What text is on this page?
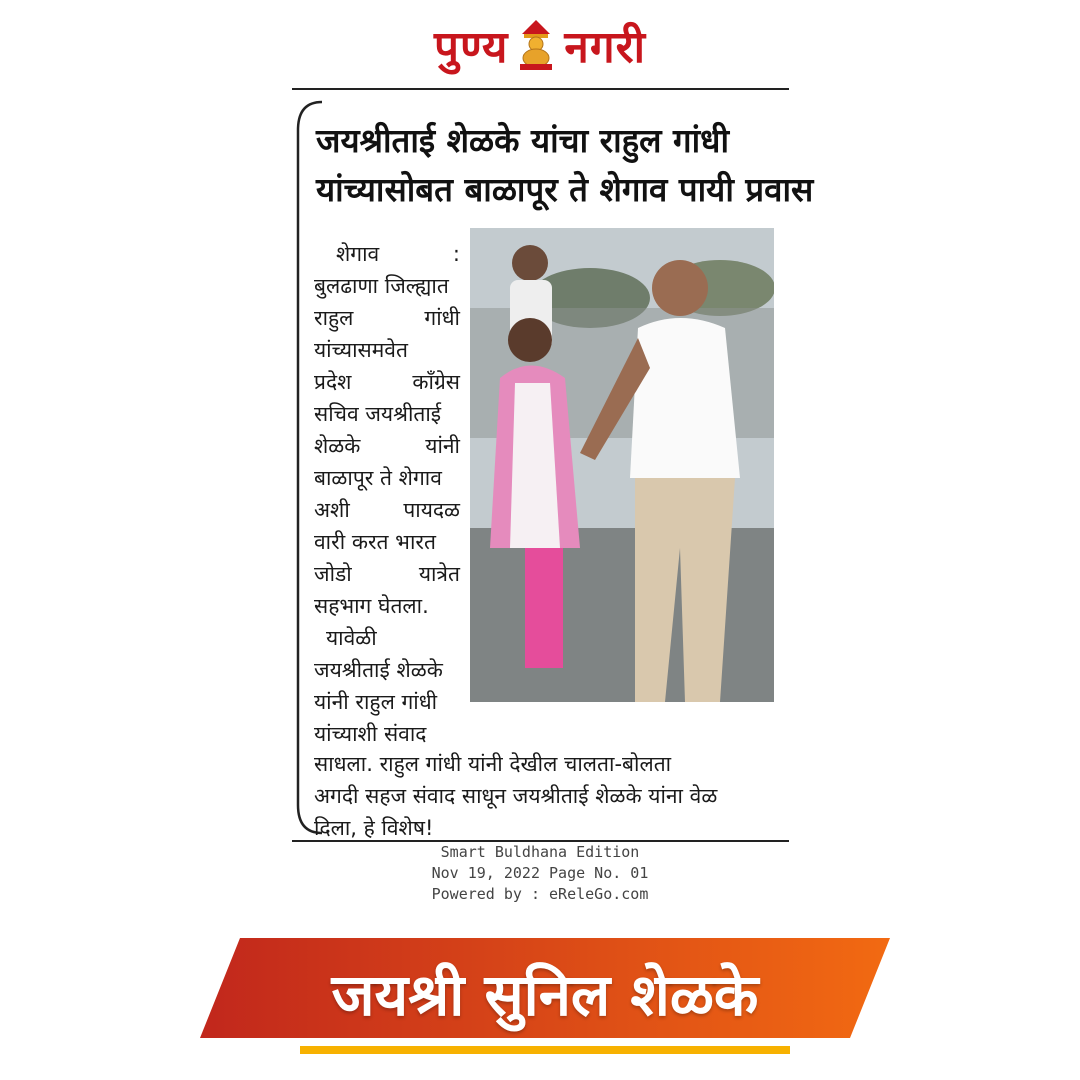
पुण्य नगरी
जयश्रीताई शेळके यांचा राहुल गांधी
यांच्यासोबत बाळापूर ते शेगाव पायी प्रवास
शेगाव	:
बुलढाणा जिल्ह्यात
राहुल	गांधी
यांच्यासमवेत
प्रदेश	कॉंग्रेस
सचिव जयश्रीताई
शेळके	यांनी
बाळापूर ते शेगाव
अशी	पायदळ
वारी करत भारत
जोडो	यात्रेत
सहभाग घेतला.
यावेळी
जयश्रीताई शेळके
यांनी राहुल गांधी
यांच्याशी संवाद
साधला. राहुल गांधी यांनी देखील चालता-बोलता
अगदी सहज संवाद साधून जयश्रीताई शेळके यांना वेळ
दिला, हे विशेष!
Smart Buldhana Edition
Nov 19, 2022 Page No. 01
Powered by : eReleGo.com
जयश्री सुनिल शेळके
